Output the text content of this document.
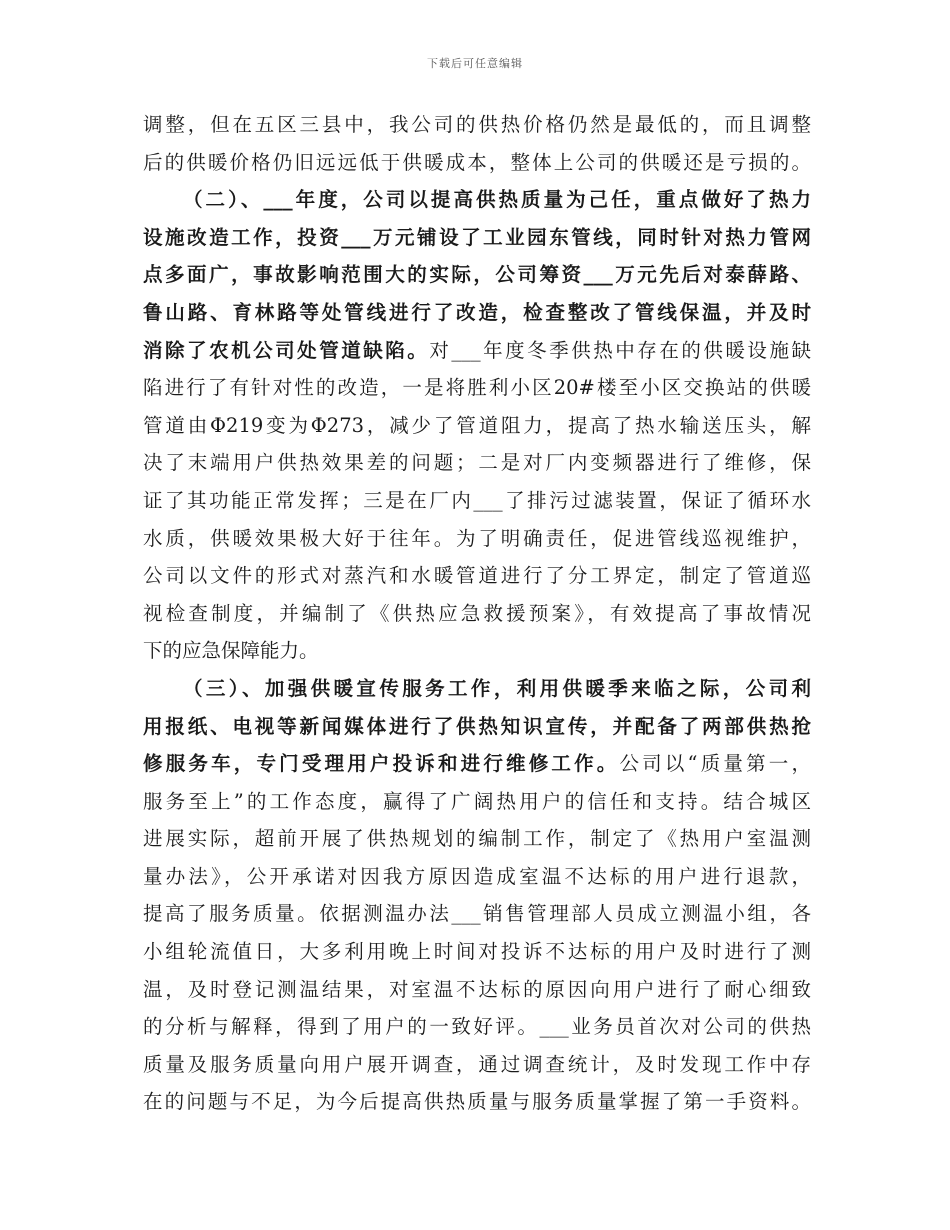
下载后可任意编辑
调整，但在五区三县中，我公司的供热价格仍然是最低的，而且调整
后的供暖价格仍旧远远低于供暖成本，整体上公司的供暖还是亏损的。
（二）、___年度，公司以提高供热质量为己任，重点做好了热力
设施改造工作，投资___万元铺设了工业园东管线，同时针对热力管网
点多面广，事故影响范围大的实际，公司筹资___万元先后对泰薛路、
鲁山路、育林路等处管线进行了改造，检查整改了管线保温，并及时
消除了农机公司处管道缺陷。对___年度冬季供热中存在的供暖设施缺
陷进行了有针对性的改造，一是将胜利小区20#楼至小区交换站的供暖
管道由Φ219变为Φ273，减少了管道阻力，提高了热水输送压头，解
决了末端用户供热效果差的问题；二是对厂内变频器进行了维修，保
证了其功能正常发挥；三是在厂内___了排污过滤装置，保证了循环水
水质，供暖效果极大好于往年。为了明确责任，促进管线巡视维护，
公司以文件的形式对蒸汽和水暖管道进行了分工界定，制定了管道巡
视检查制度，并编制了《供热应急救援预案》，有效提高了事故情况
下的应急保障能力。
（三）、加强供暖宣传服务工作，利用供暖季来临之际，公司利
用报纸、电视等新闻媒体进行了供热知识宣传，并配备了两部供热抢
修服务车，专门受理用户投诉和进行维修工作。公司以“质量第一，
服务至上”的工作态度，赢得了广阔热用户的信任和支持。结合城区
进展实际，超前开展了供热规划的编制工作，制定了《热用户室温测
量办法》，公开承诺对因我方原因造成室温不达标的用户进行退款，
提高了服务质量。依据测温办法___销售管理部人员成立测温小组，各
小组轮流值日，大多利用晚上时间对投诉不达标的用户及时进行了测
温，及时登记测温结果，对室温不达标的原因向用户进行了耐心细致
的分析与解释，得到了用户的一致好评。___业务员首次对公司的供热
质量及服务质量向用户展开调查，通过调查统计，及时发现工作中存
在的问题与不足，为今后提高供热质量与服务质量掌握了第一手资料。
